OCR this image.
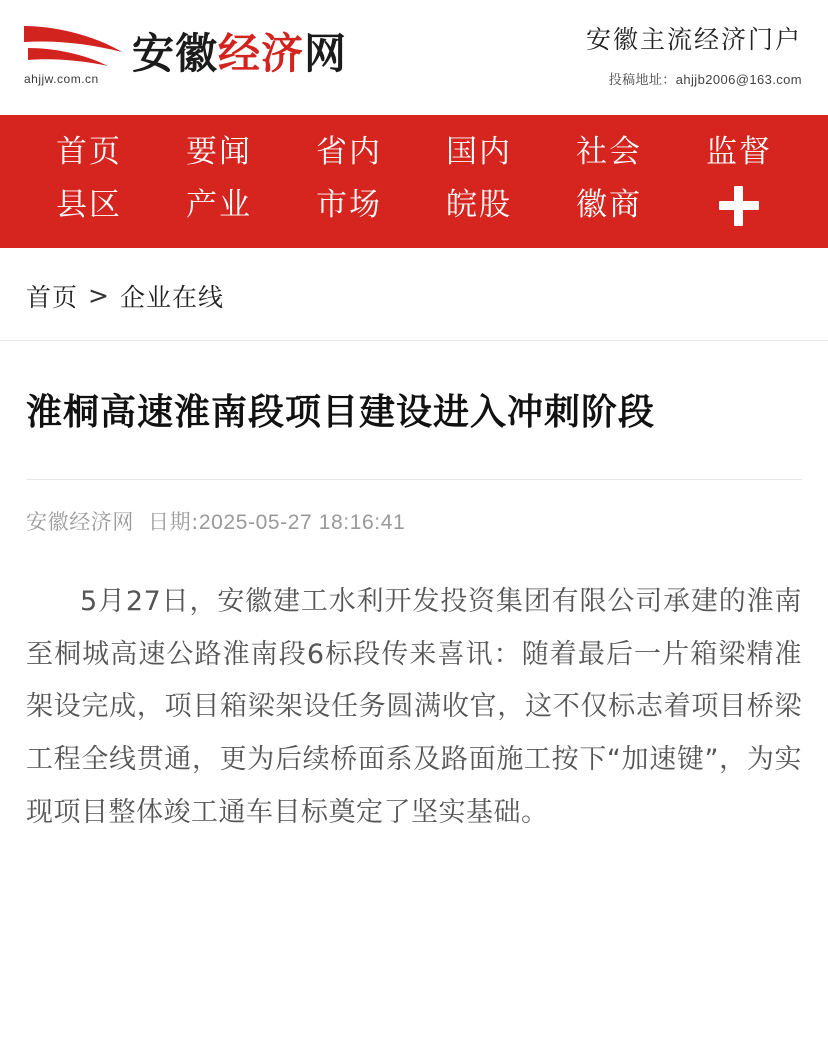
ahjjw.com.cn
安徽经济网	安徽主流经济门户
投稿地址：ahjjb2006@163.com
首页	要闻	省内	国内	社会	监督
县区	产业	市场	皖股	徽商
首页 > 企业在线
淮桐高速淮南段项目建设进入冲刺阶段
安徽经济网 日期:2025-05-27 18:16:41

5月27日，安徽建工水利开发投资集团有限公司承建的淮南至桐城高速公路淮南段6标段传来喜讯：随着最后一片箱梁精准架设完成，项目箱梁架设任务圆满收官，这不仅标志着项目桥梁工程全线贯通，更为后续桥面系及路面施工按下“加速键”，为实现项目整体竣工通车目标奠定了坚实基础。
